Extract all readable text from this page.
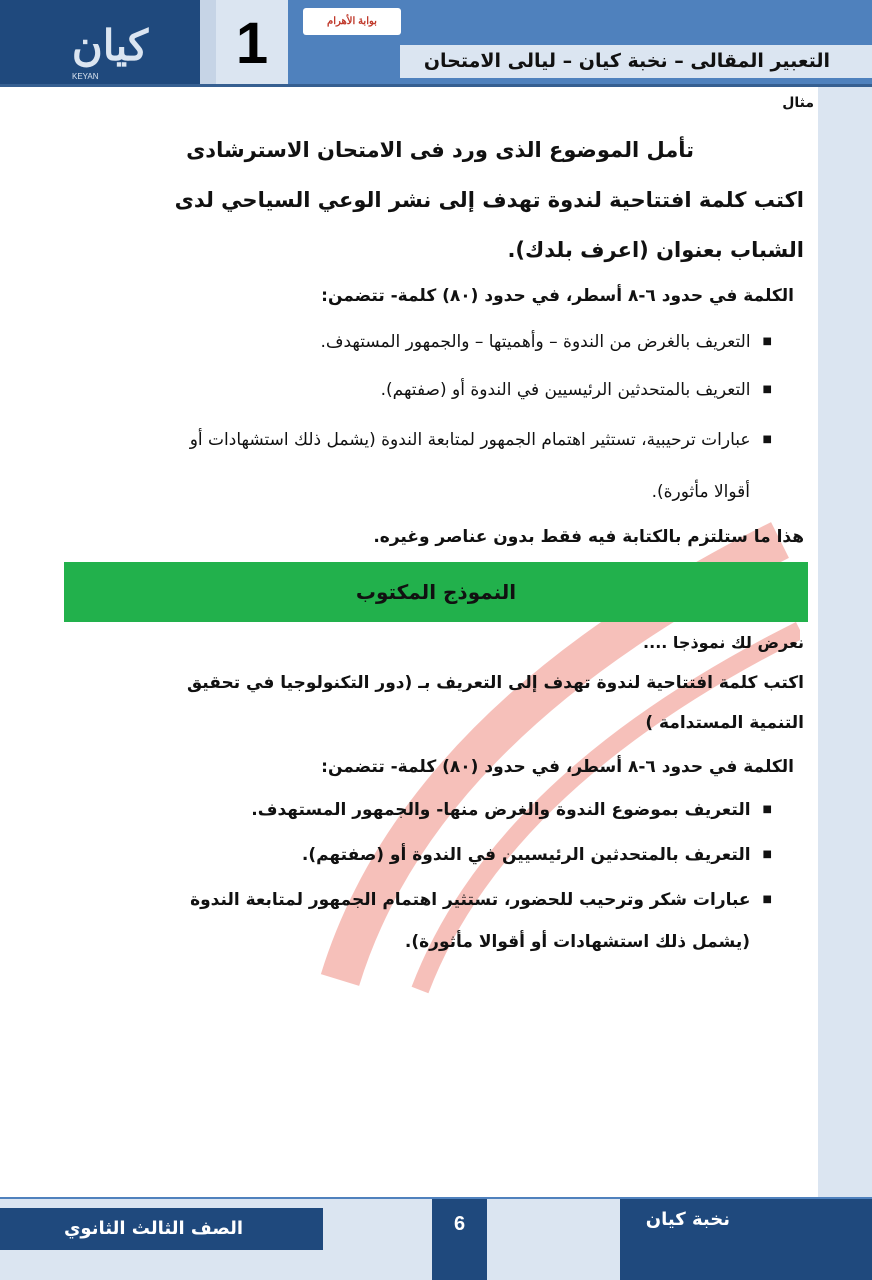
كيان
KEYAN
1	بوابة الأهرام
التعبير المقالى – نخبة كيان – ليالى الامتحان
مثال
تأمل الموضوع الذى ورد فى الامتحان الاسترشادى
اكتب كلمة افتتاحية لندوة تهدف إلى نشر الوعي السياحي لدى
الشباب بعنوان (اعرف بلدك).
الكلمة في حدود ٦-٨ أسطر، في حدود (٨٠) كلمة- تتضمن:
■ التعريف بالغرض من الندوة – وأهميتها – والجمهور المستهدف.
■ التعريف بالمتحدثين الرئيسيين في الندوة أو (صفتهم).
■ عبارات ترحيبية، تستثير اهتمام الجمهور لمتابعة الندوة (يشمل ذلك استشهادات أو
أقوالا مأثورة).
هذا ما ستلتزم بالكتابة فيه فقط بدون عناصر وغيره.
النموذج المكتوب
نعرض لك نموذجا ....
اكتب كلمة افتتاحية لندوة تهدف إلى التعريف بـ (دور التكنولوجيا في تحقيق
التنمية المستدامة )
الكلمة في حدود ٦-٨ أسطر، في حدود (٨٠) كلمة- تتضمن:
■ التعريف بموضوع الندوة والغرض منها- والجمهور المستهدف.
■ التعريف بالمتحدثين الرئيسيين في الندوة أو (صفتهم).
■ عبارات شكر وترحيب للحضور، تستثير اهتمام الجمهور لمتابعة الندوة
(يشمل ذلك استشهادات أو أقوالا مأثورة).
الصف الثالث الثانوي	6	نخبة كيان
